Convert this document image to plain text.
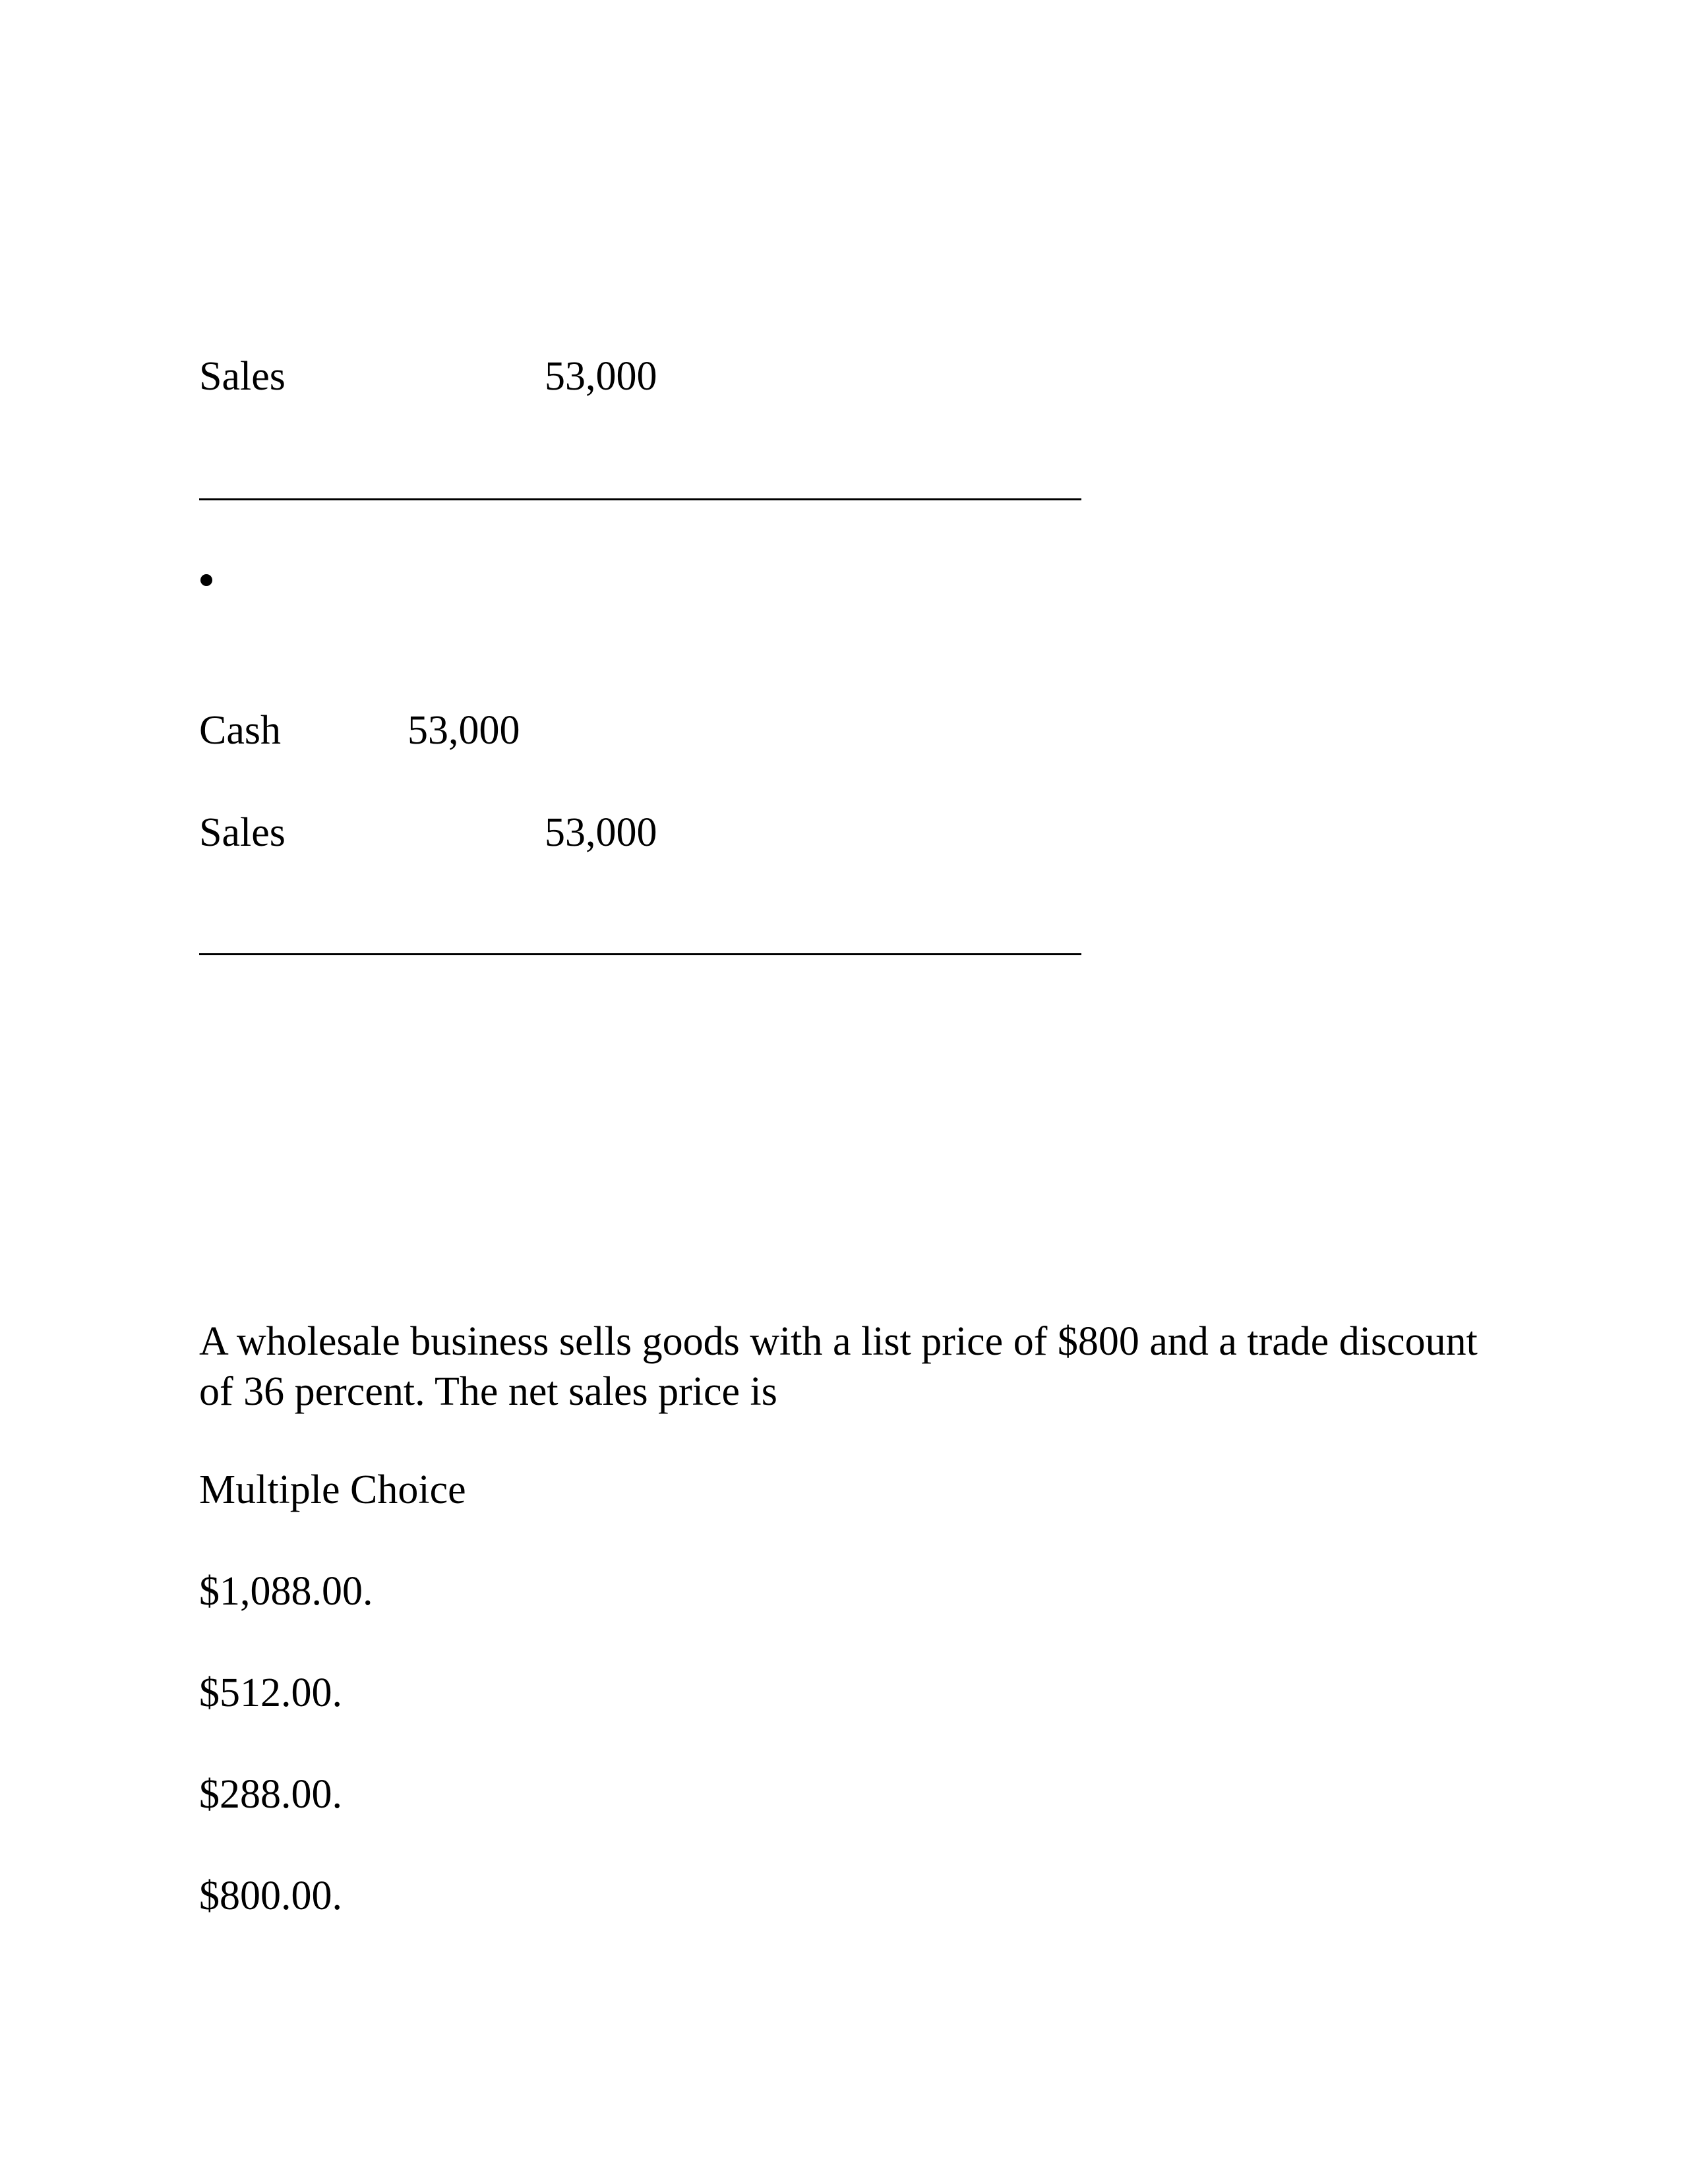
Sales	53,000

Cash	53,000

Sales	53,000

A wholesale business sells goods with a list price of $800 and a trade discount of 36 percent. The net sales price is

Multiple Choice

$1,088.00.

$512.00.

$288.00.

$800.00.
